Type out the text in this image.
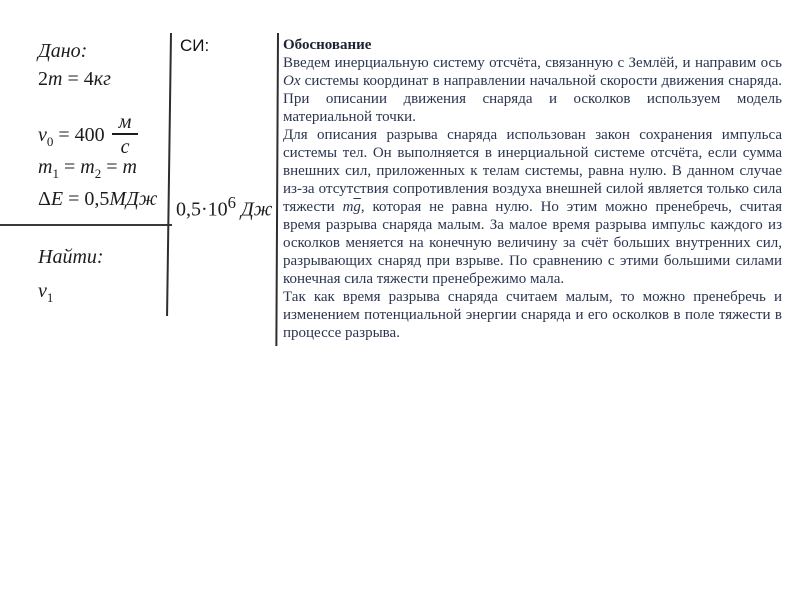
Дано:
2m = 4кг
$v_0 = 400 \frac{м}{с}$
$m_1 = m_2 = m$
ΔE = 0,5МДж
Найти:
$v_1$
СИ:
$0,5\cdot 10^6$ Дж

Обоснование

Введем инерциальную систему отсчёта, связанную с Землёй, и направим ось Ox системы координат в направлении начальной скорости движения снаряда. При описании движения снаряда и осколков используем модель материальной точки.

Для описания разрыва снаряда использован закон сохранения импульса системы тел. Он выполняется в инерциальной системе отсчёта, если сумма внешних сил, приложенных к телам системы, равна нулю. В данном случае из-за отсутствия сопротивления воздуха внешней силой является только сила тяжести $m\overline{g}$, которая не равна нулю. Но этим можно пренебречь, считая время разрыва снаряда малым. За малое время разрыва импульс каждого из осколков меняется на конечную величину за счёт больших внутренних сил, разрывающих снаряд при взрыве. По сравнению с этими большими силами конечная сила тяжести пренебрежимо мала.

Так как время разрыва снаряда считаем малым, то можно пренебречь и изменением потенциальной энергии снаряда и его осколков в поле тяжести в процессе разрыва.
